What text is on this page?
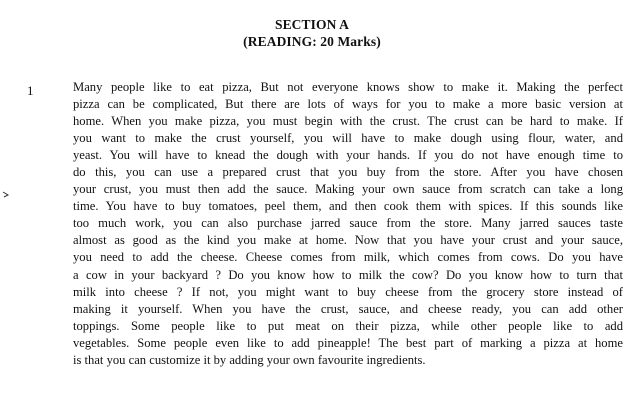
SECTION A
(READING: 20 Marks)
1	Many people like to eat pizza, But not everyone knows show to make it. Making the perfect
pizza can be complicated, But there are lots of ways for you to make a more basic version at
home. When you make pizza, you must begin with the crust. The crust can be hard to make. If
you want to make the crust yourself, you will have to make dough using flour, water, and
yeast. You will have to knead the dough with your hands. If you do not have enough time to
do this, you can use a prepared crust that you buy from the store. After you have chosen
your crust, you must then add the sauce. Making your own sauce from scratch can take a long
time. You have to buy tomatoes, peel them, and then cook them with spices. If this sounds like
too much work, you can also purchase jarred sauce from the store. Many jarred sauces taste
almost as good as the kind you make at home. Now that you have your crust and your sauce,
you need to add the cheese. Cheese comes from milk, which comes from cows. Do you have
a cow in your backyard ? Do you know how to milk the cow? Do you know how to turn that
milk into cheese ? If not, you might want to buy cheese from the grocery store instead of
making it yourself. When you have the crust, sauce, and cheese ready, you can add other
toppings. Some people like to put meat on their pizza, while other people like to add
vegetables. Some people even like to add pineapple! The best part of marking a pizza at home
is that you can customize it by adding your own favourite ingredients.
